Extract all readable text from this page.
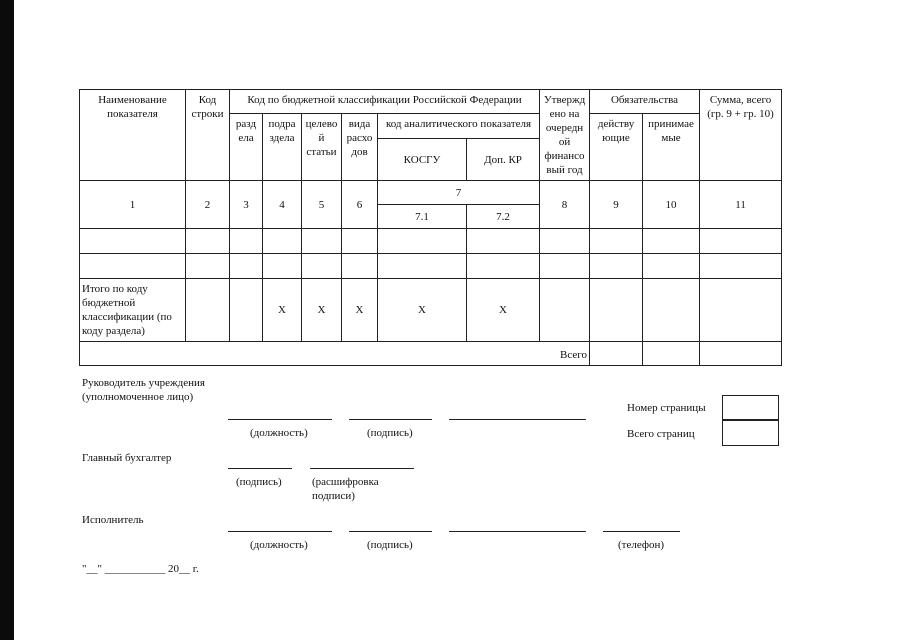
Наименование показателя	Код строки	Код по бюджетной классификации Российской Федерации						Утвержд ено на очередн ой финансо вый год	Обязательства		Сумма, всего (гр. 9 + гр. 10)
		разд ела	подра здела	целево й статьи	вида расхо дов	код аналитического показателя			действу ющие	принимае мые	
						КОСГУ	Доп. КР				
1	2	3	4	5	6	7		8	9	10	11
						7.1	7.2				

Итого по коду бюджетной классификации (по коду раздела)			Х	Х	Х	Х	Х				
								Всего			
Руководитель учреждения (уполномоченное лицо)
(должность)	(подпись)
Номер страницы
Всего страниц
Главный бухгалтер
(подпись)	(расшифровка подписи)
Исполнитель
(должность)	(подпись)	(телефон)
"__" ___________ 20__ г.
